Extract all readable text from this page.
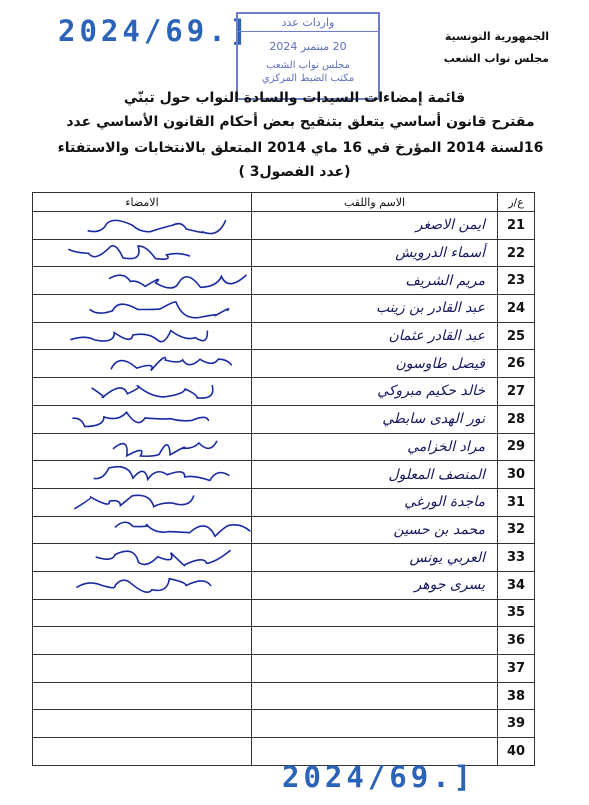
2024/69.]	واردات عدد
20 مبتمبر 2024
مجلس نواب الشعب
مكتب الضبط المركزي
الجمهورية التونسية
مجلس نواب الشعب
قائمة إمضاءات السيدات والسادة النواب حول تبنّي
مقترح قانون أساسي يتعلق بتنقيح بعض أحكام القانون الأساسي عدد
16لسنة 2014 المؤرخ في 16 ماي 2014 المتعلق بالانتخابات والاستفتاء
(عدد الفصول3 )
ع/ر	الاسم واللقب	الامضاء
21	ايمن الاصغر	

22	أسماء الدرويش	

23	مريم الشريف	

24	عبد القادر بن زينب	

25	عبد القادر عثمان	

26	فيصل طاوسون	

27	خالد حكيم مبروكي	

28	نور الهدى سابطي	

29	مراد الخزامي	

30	المنصف المعلول	

31	ماجدة الورغي	

32	محمد بن حسين	

33	العربي يونس	

34	يسرى جوهر	

35		
36		
37		
38		
39		
40		
2024/69.]
